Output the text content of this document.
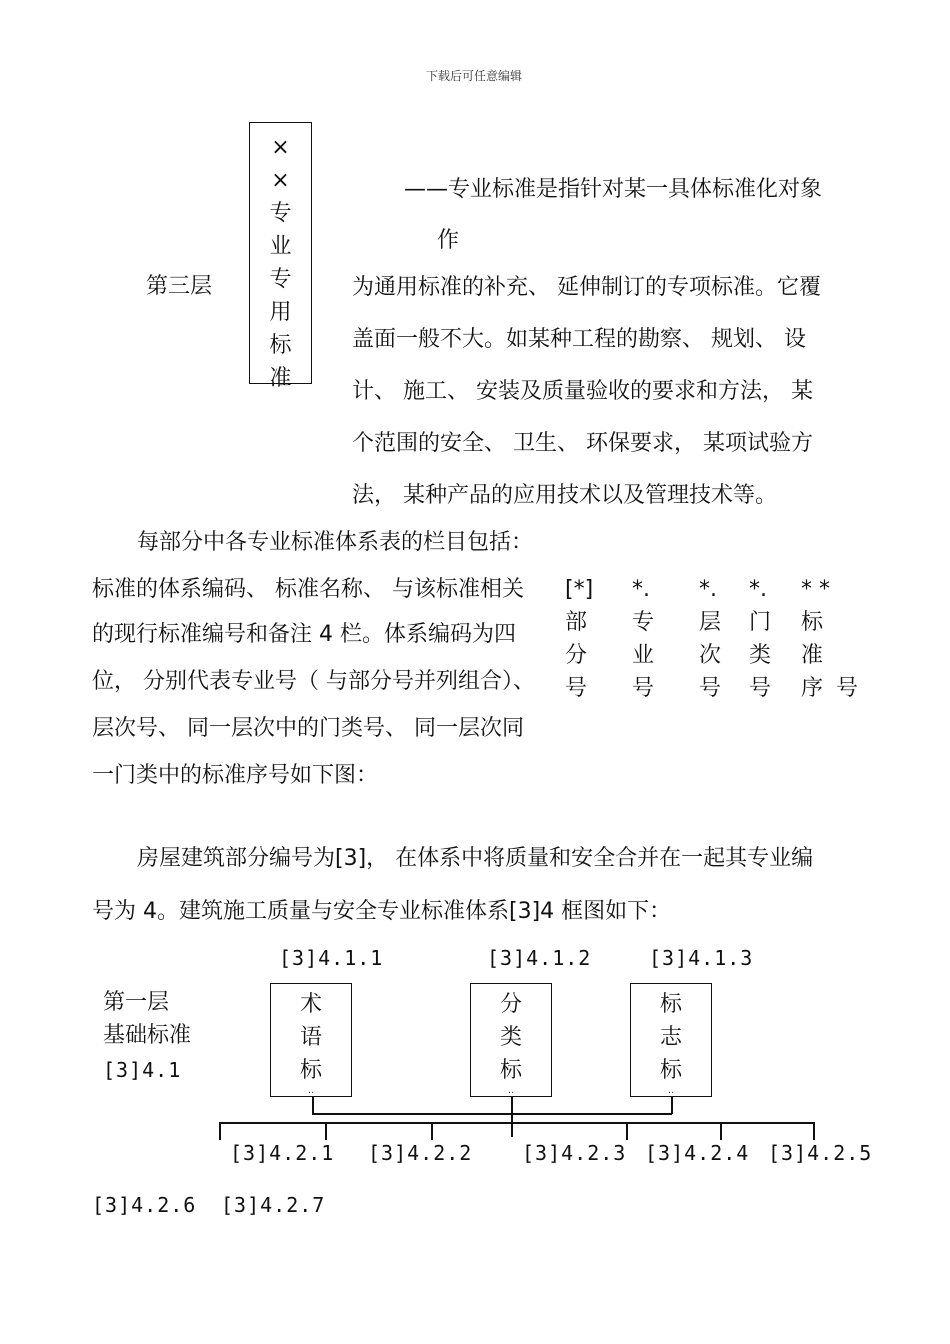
下载后可任意编辑
第三层
×
×
专
业
专
用
标
准
——专业标准是指针对某一具体标准化对象
作
为通用标准的补充、 延伸制订的专项标准。它覆
盖面一般不大。如某种工程的勘察、 规划、 设
计、 施工、 安装及质量验收的要求和方法， 某
个范围的安全、 卫生、 环保要求， 某项试验方
法， 某种产品的应用技术以及管理技术等。
每部分中各专业标准体系表的栏目包括：
标准的体系编码、 标准名称、 与该标准相关
的现行标准编号和备注 4 栏。体系编码为四
位， 分别代表专业号（ 与部分号并列组合）、
层次号、 同一层次中的门类号、 同一层次同
一门类中的标准序号如下图：
[*]
部
分
号
*.
专
业
号
*.
层
次
号
*.
门
类
号
* *
标
准
序 号
房屋建筑部分编号为[3]， 在体系中将质量和安全合并在一起其专业编
号为 4。建筑施工质量与安全专业标准体系[3]4 框图如下：
[3]4.1.1	[3]4.1.2	[3]4.1.3
第一层
基础标准
[3]4.1
术
语
标
..
分
类
标
..
标
志
标
..
[3]4.2.1 [3]4.2.2 [3]4.2.3 [3]4.2.4 [3]4.2.5
[3]4.2.6 [3]4.2.7
